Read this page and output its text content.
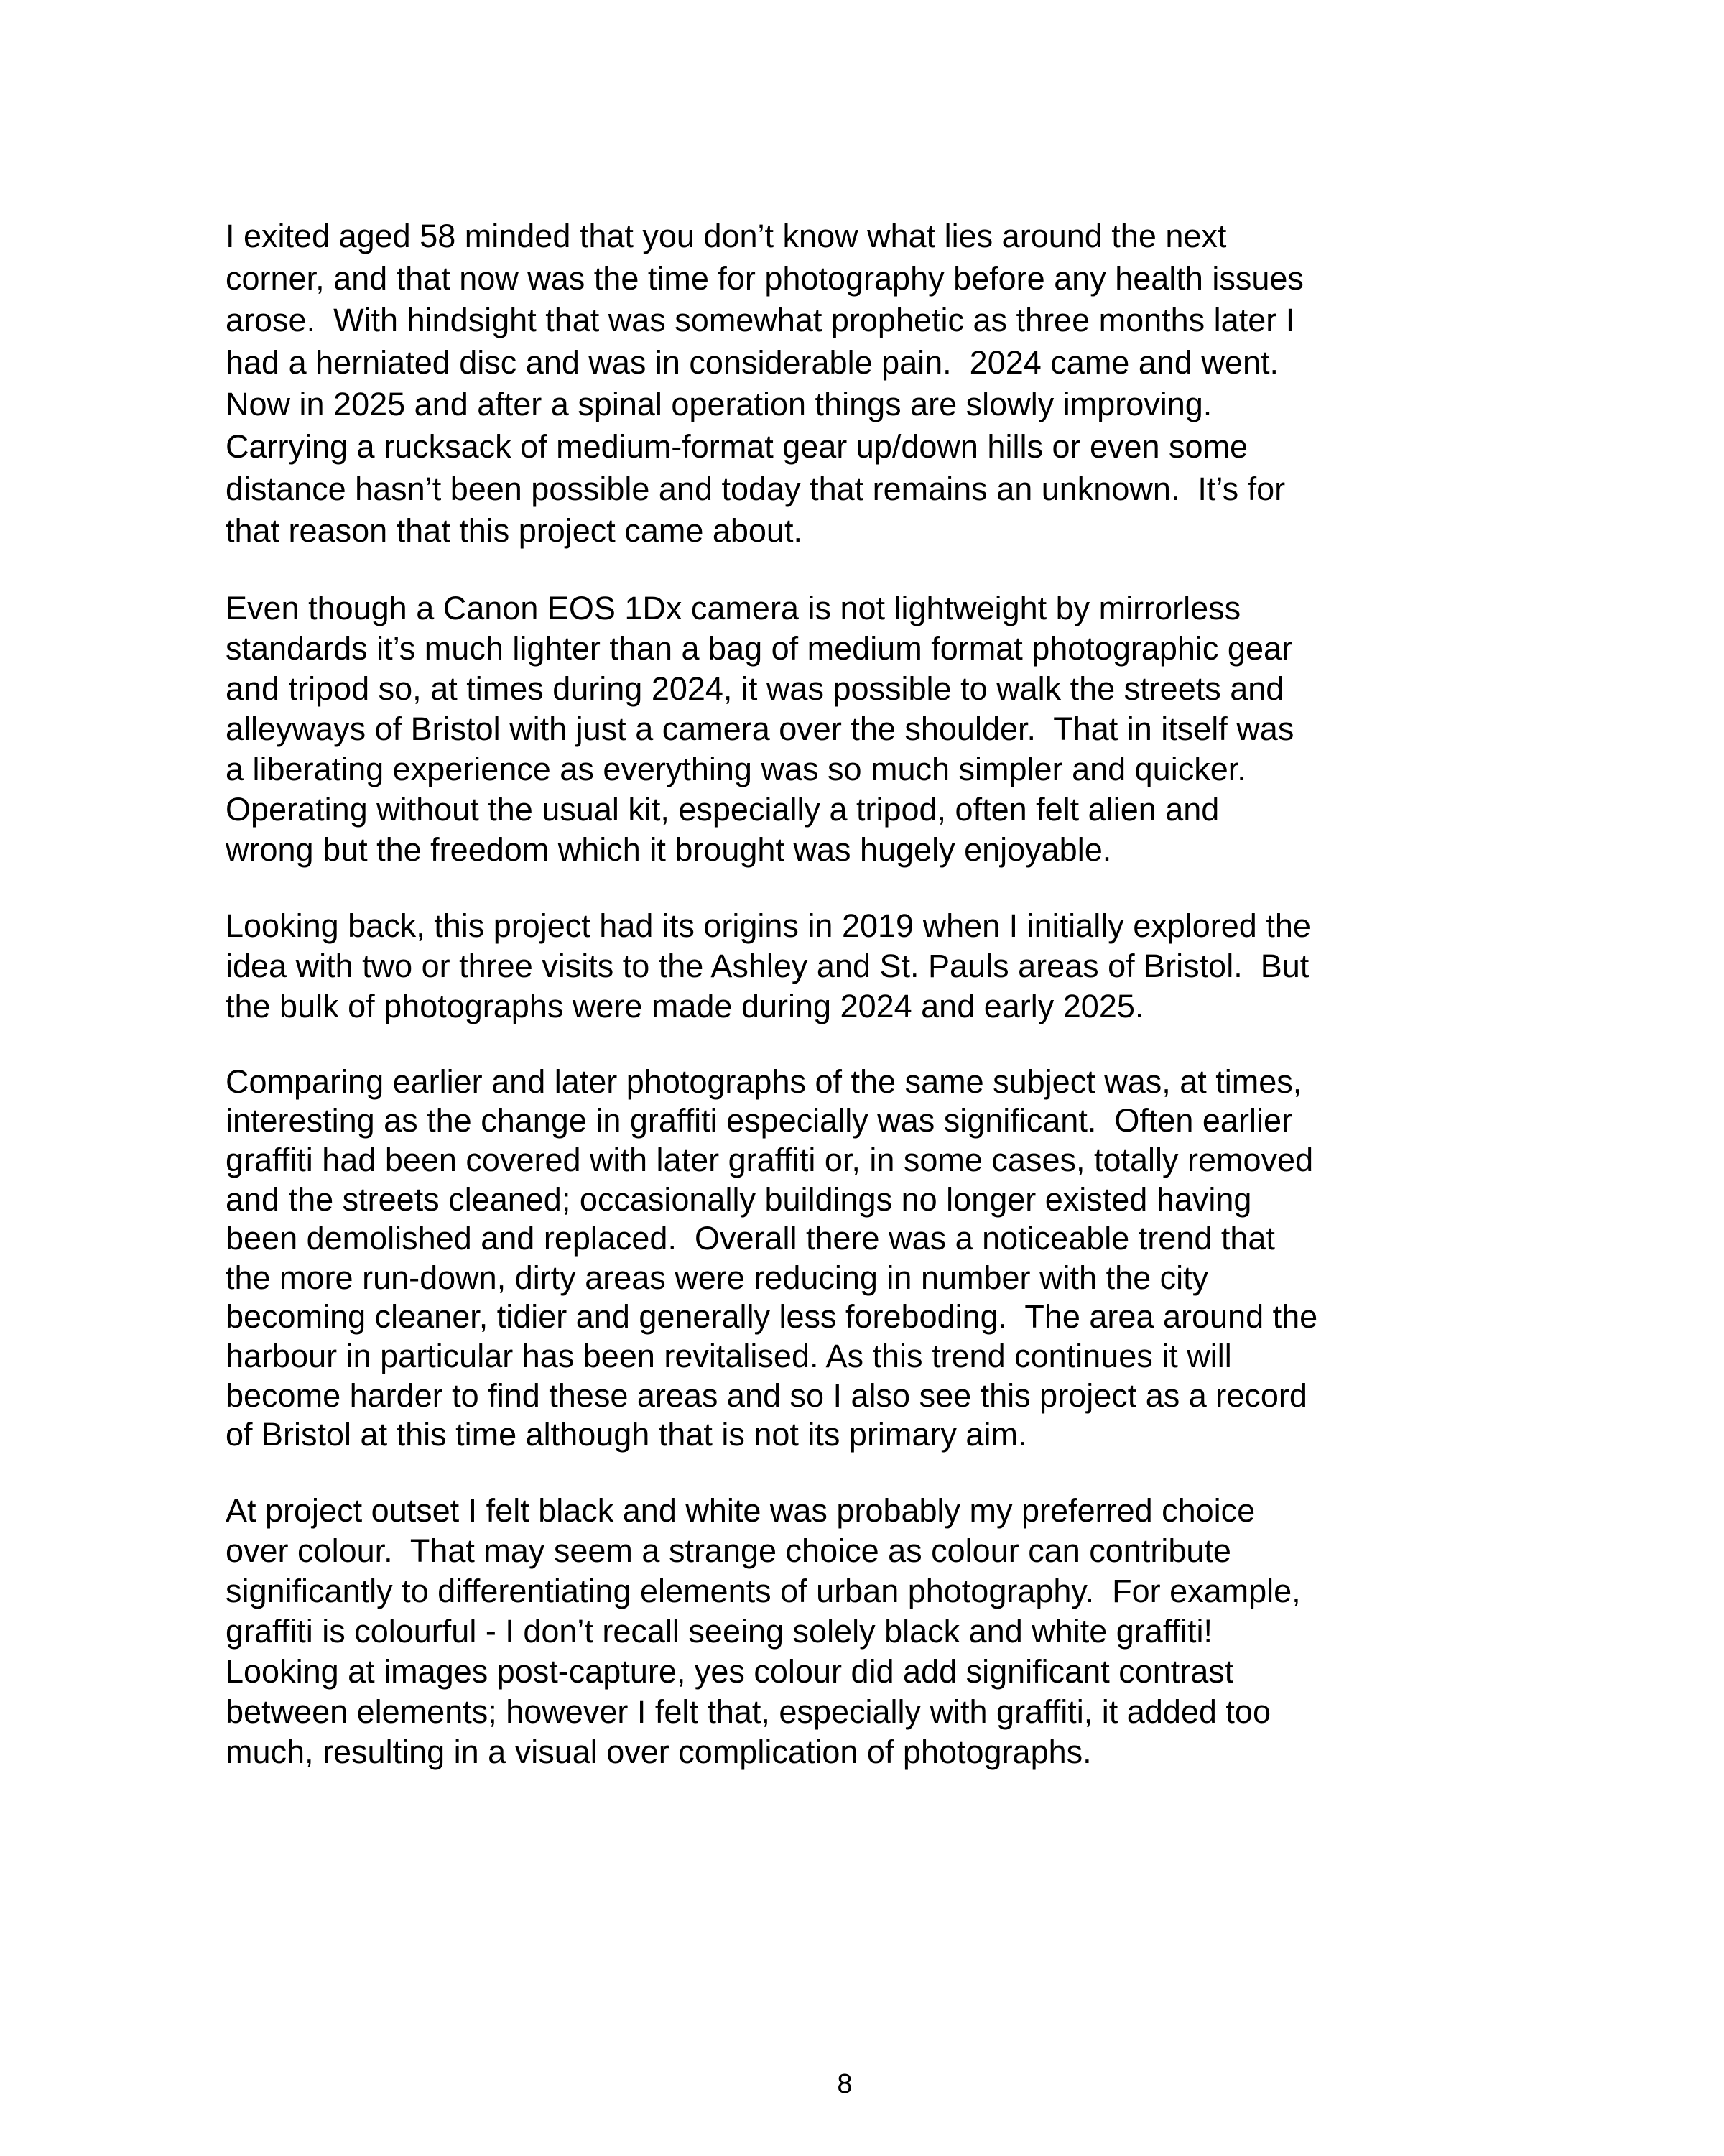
I exited aged 58 minded that you don’t know what lies around the next
corner, and that now was the time for photography before any health issues
arose.  With hindsight that was somewhat prophetic as three months later I
had a herniated disc and was in considerable pain.  2024 came and went.
Now in 2025 and after a spinal operation things are slowly improving.
Carrying a rucksack of medium-format gear up/down hills or even some
distance hasn’t been possible and today that remains an unknown.  It’s for
that reason that this project came about.

Even though a Canon EOS 1Dx camera is not lightweight by mirrorless
standards it’s much lighter than a bag of medium format photographic gear
and tripod so, at times during 2024, it was possible to walk the streets and
alleyways of Bristol with just a camera over the shoulder.  That in itself was
a liberating experience as everything was so much simpler and quicker.
Operating without the usual kit, especially a tripod, often felt alien and
wrong but the freedom which it brought was hugely enjoyable.

Looking back, this project had its origins in 2019 when I initially explored the
idea with two or three visits to the Ashley and St. Pauls areas of Bristol.  But
the bulk of photographs were made during 2024 and early 2025.

Comparing earlier and later photographs of the same subject was, at times,
interesting as the change in graffiti especially was significant.  Often earlier
graffiti had been covered with later graffiti or, in some cases, totally removed
and the streets cleaned; occasionally buildings no longer existed having
been demolished and replaced.  Overall there was a noticeable trend that
the more run-down, dirty areas were reducing in number with the city
becoming cleaner, tidier and generally less foreboding.  The area around the
harbour in particular has been revitalised. As this trend continues it will
become harder to find these areas and so I also see this project as a record
of Bristol at this time although that is not its primary aim.

At project outset I felt black and white was probably my preferred choice
over colour.  That may seem a strange choice as colour can contribute
significantly to differentiating elements of urban photography.  For example,
graffiti is colourful - I don’t recall seeing solely black and white graffiti!
Looking at images post-capture, yes colour did add significant contrast
between elements; however I felt that, especially with graffiti, it added too
much, resulting in a visual over complication of photographs.

8
